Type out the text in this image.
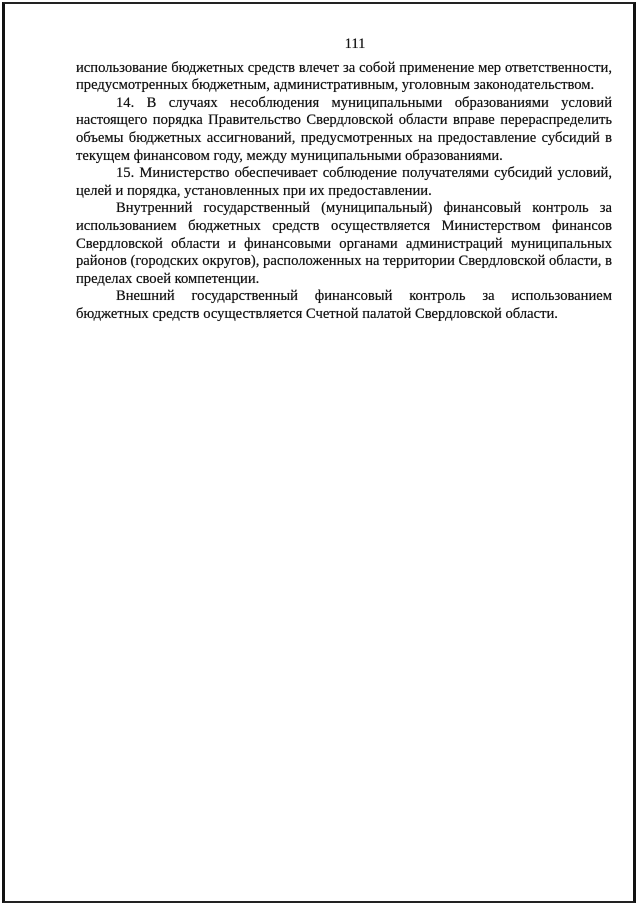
111

использование бюджетных средств влечет за собой применение мер ответственности, предусмотренных бюджетным, административным, уголовным законодательством.

14. В случаях несоблюдения муниципальными образованиями условий настоящего порядка Правительство Свердловской области вправе перераспределить объемы бюджетных ассигнований, предусмотренных на предоставление субсидий в текущем финансовом году, между муниципальными образованиями.

15. Министерство обеспечивает соблюдение получателями субсидий условий, целей и порядка, установленных при их предоставлении.

Внутренний государственный (муниципальный) финансовый контроль за использованием бюджетных средств осуществляется Министерством финансов Свердловской области и финансовыми органами администраций муниципальных районов (городских округов), расположенных на территории Свердловской области, в пределах своей компетенции.

Внешний государственный финансовый контроль за использованием бюджетных средств осуществляется Счетной палатой Свердловской области.
